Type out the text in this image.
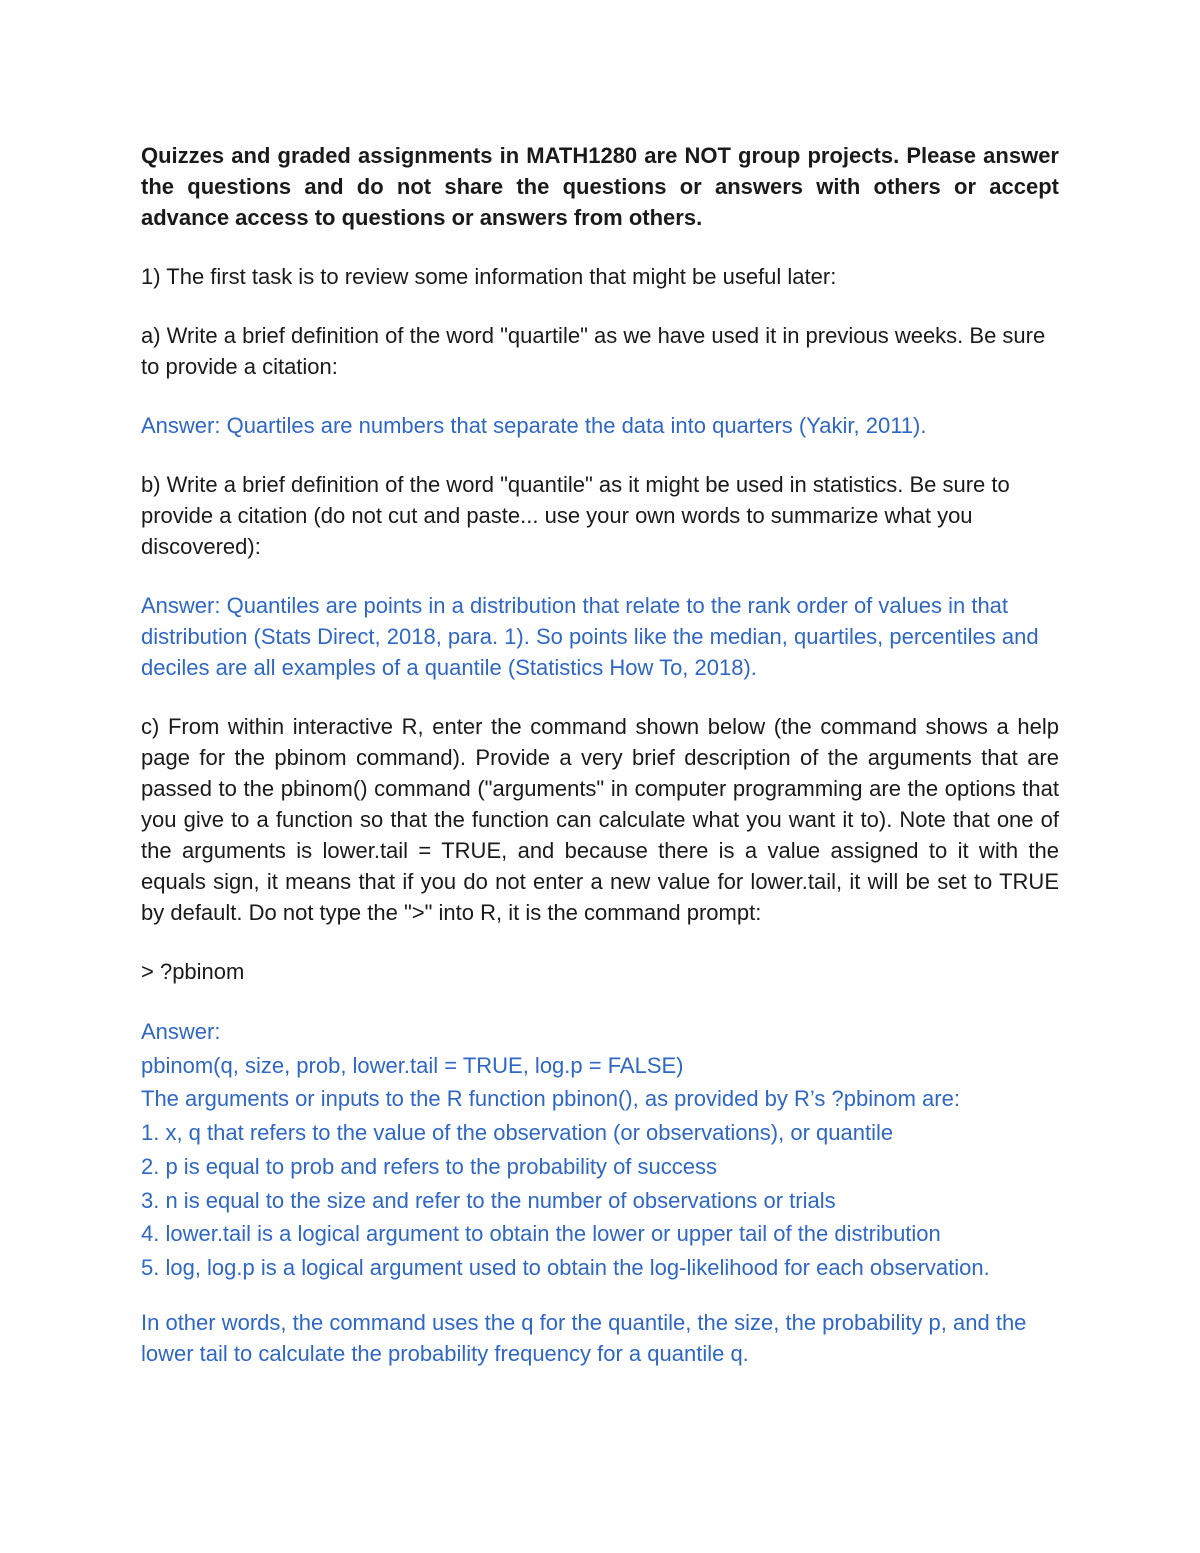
Quizzes and graded assignments in MATH1280 are NOT group projects. Please answer the questions and do not share the questions or answers with others or accept advance access to questions or answers from others.

1) The first task is to review some information that might be useful later:

a) Write a brief definition of the word "quartile" as we have used it in previous weeks. Be sure to provide a citation:

Answer: Quartiles are numbers that separate the data into quarters (Yakir, 2011).

b) Write a brief definition of the word "quantile" as it might be used in statistics. Be sure to provide a citation (do not cut and paste... use your own words to summarize what you discovered):

Answer: Quantiles are points in a distribution that relate to the rank order of values in that distribution (Stats Direct, 2018, para. 1). So points like the median, quartiles, percentiles and deciles are all examples of a quantile (Statistics How To, 2018).

c) From within interactive R, enter the command shown below (the command shows a help page for the pbinom command). Provide a very brief description of the arguments that are passed to the pbinom() command ("arguments" in computer programming are the options that you give to a function so that the function can calculate what you want it to). Note that one of the arguments is lower.tail = TRUE, and because there is a value assigned to it with the equals sign, it means that if you do not enter a new value for lower.tail, it will be set to TRUE by default. Do not type the ">" into R, it is the command prompt:

> ?pbinom

Answer:
pbinom(q, size, prob, lower.tail = TRUE, log.p = FALSE)
The arguments or inputs to the R function pbinon(), as provided by R’s ?pbinom are:
1. x, q that refers to the value of the observation (or observations), or quantile
2. p is equal to prob and refers to the probability of success
3. n is equal to the size and refer to the number of observations or trials
4. lower.tail is a logical argument to obtain the lower or upper tail of the distribution
5. log, log.p is a logical argument used to obtain the log-likelihood for each observation.

In other words, the command uses the q for the quantile, the size, the probability p, and the lower tail to calculate the probability frequency for a quantile q.
